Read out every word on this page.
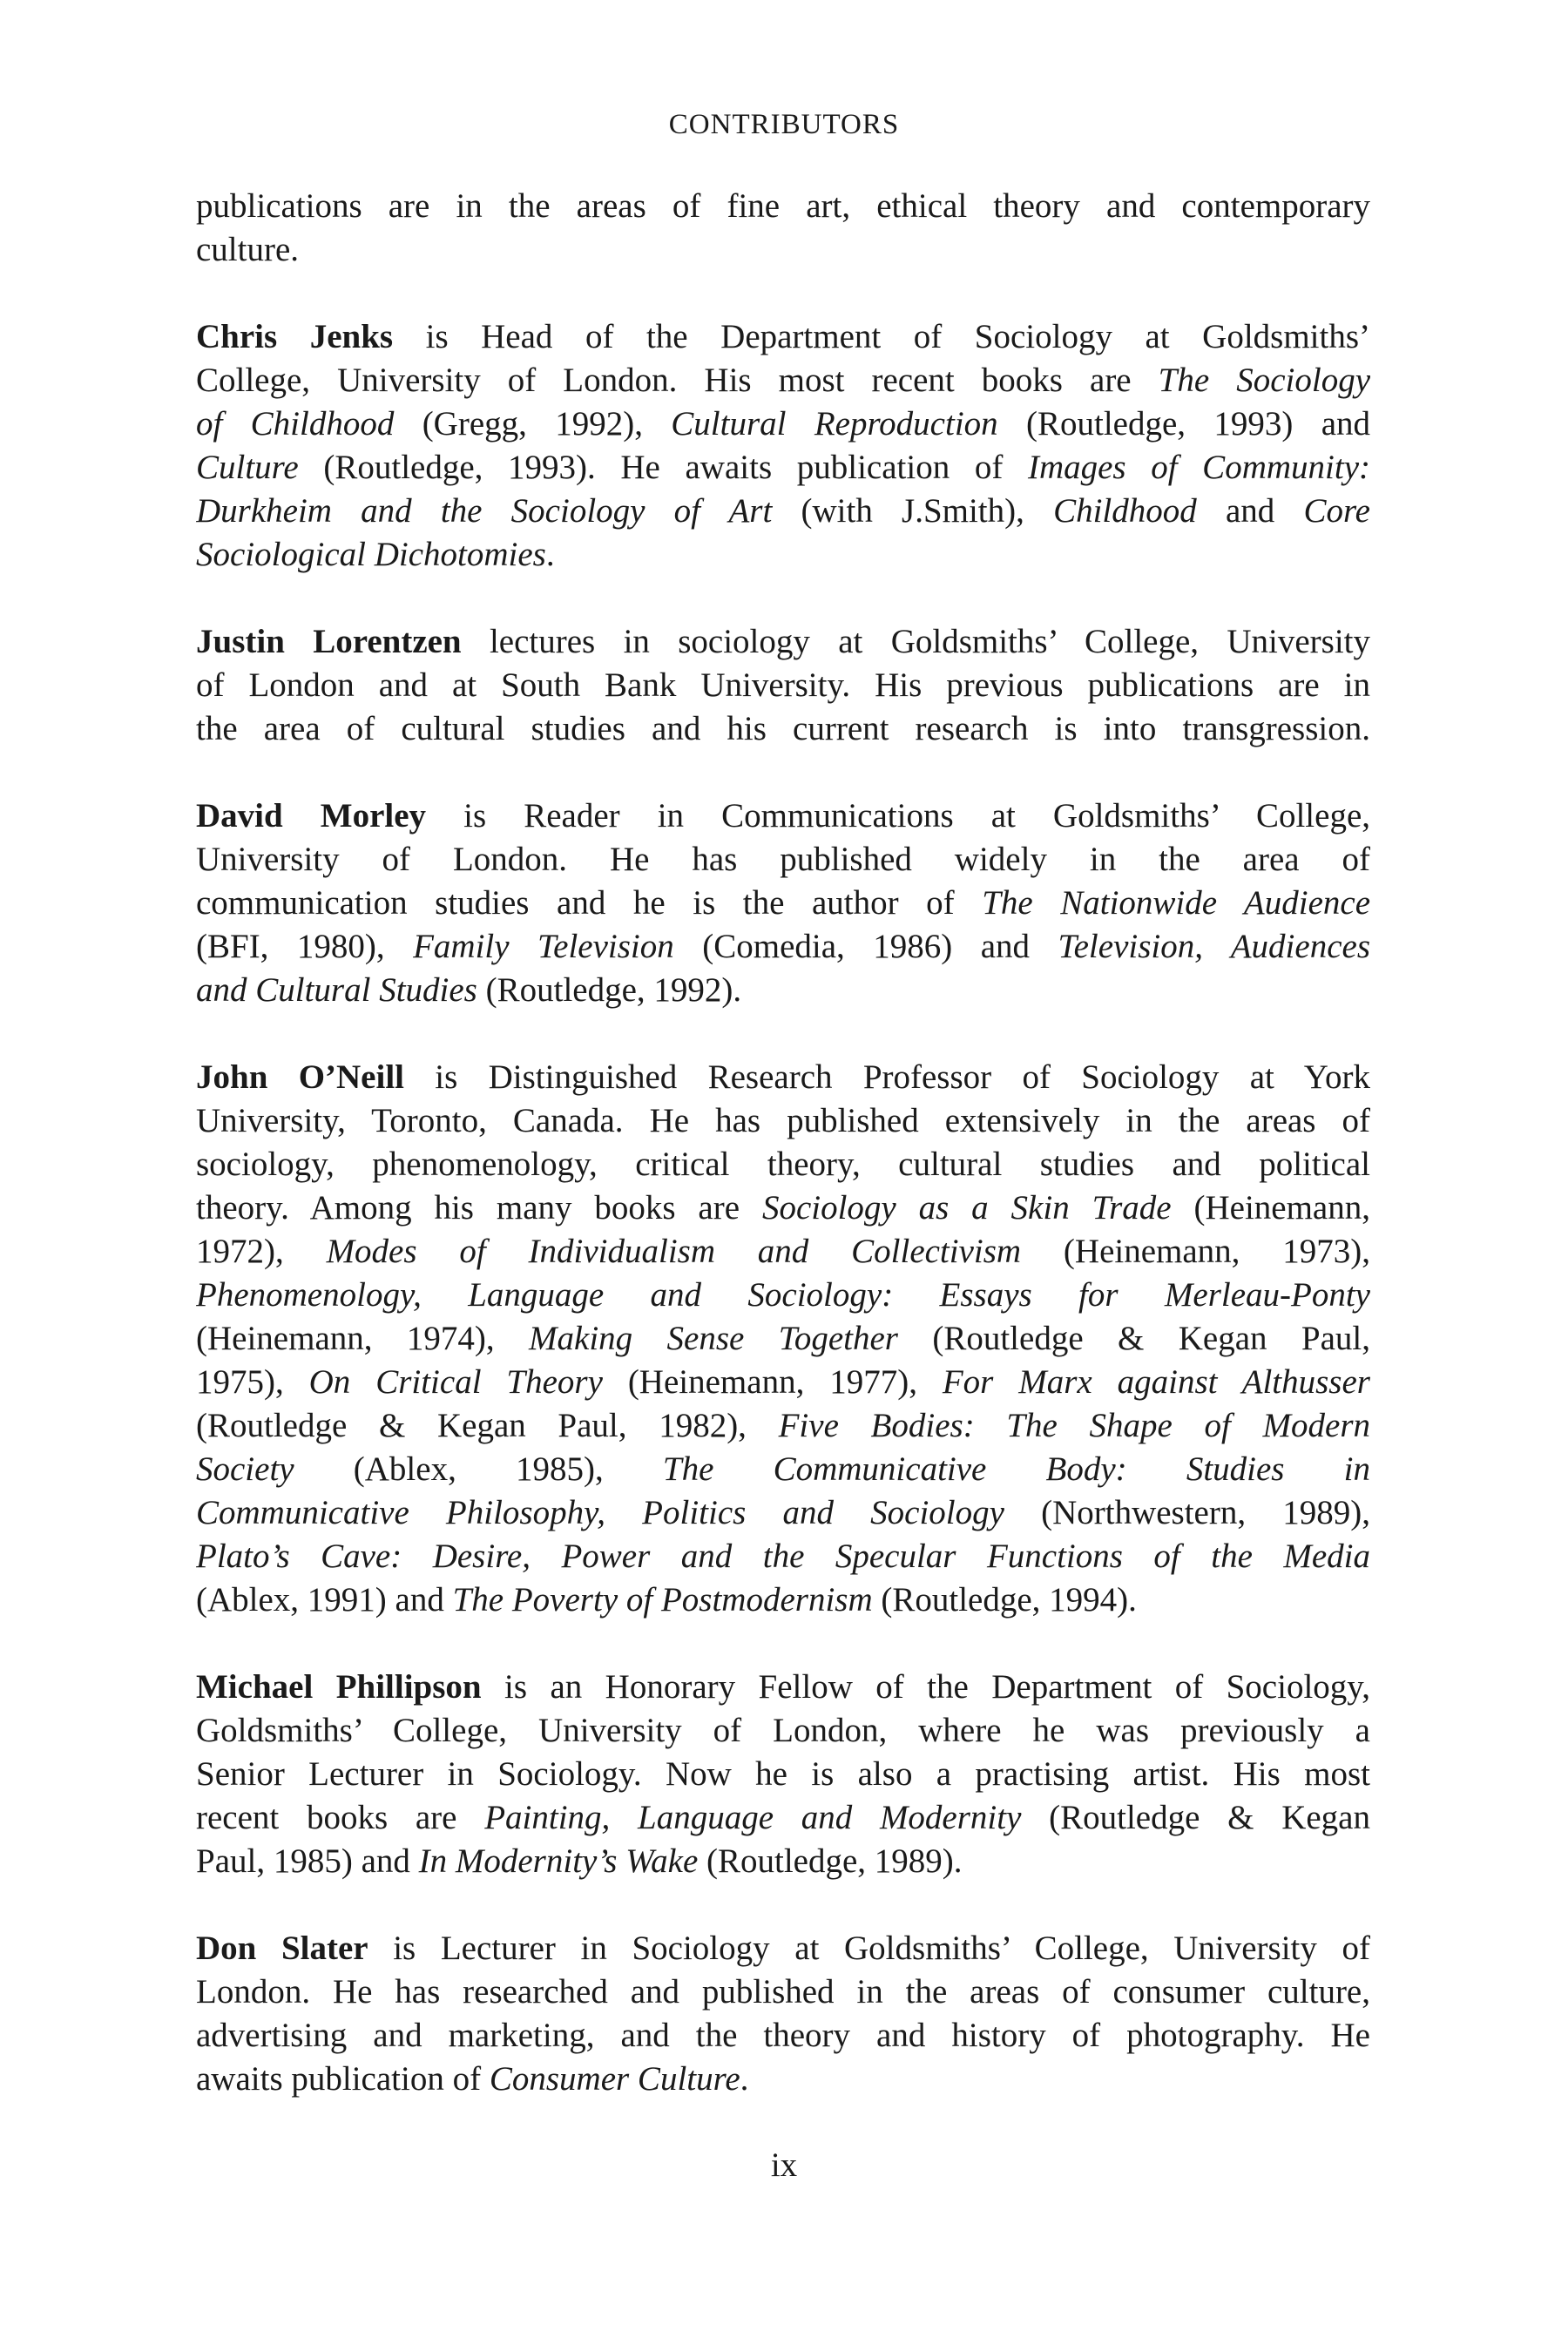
CONTRIBUTORS
publications are in the areas of fine art, ethical theory and contemporary
culture.
Chris Jenks is Head of the Department of Sociology at Goldsmiths’
College, University of London. His most recent books are The Sociology
of Childhood (Gregg, 1992), Cultural Reproduction (Routledge, 1993) and
Culture (Routledge, 1993). He awaits publication of Images of Community:
Durkheim and the Sociology of Art (with J.Smith), Childhood and Core
Sociological Dichotomies.
Justin Lorentzen lectures in sociology at Goldsmiths’ College, University
of London and at South Bank University. His previous publications are in
the area of cultural studies and his current research is into transgression.
David Morley is Reader in Communications at Goldsmiths’ College,
University of London. He has published widely in the area of
communication studies and he is the author of The Nationwide Audience
(BFI, 1980), Family Television (Comedia, 1986) and Television, Audiences
and Cultural Studies (Routledge, 1992).
John O’Neill is Distinguished Research Professor of Sociology at York
University, Toronto, Canada. He has published extensively in the areas of
sociology, phenomenology, critical theory, cultural studies and political
theory. Among his many books are Sociology as a Skin Trade (Heinemann,
1972), Modes of Individualism and Collectivism (Heinemann, 1973),
Phenomenology, Language and Sociology: Essays for Merleau-Ponty
(Heinemann, 1974), Making Sense Together (Routledge & Kegan Paul,
1975), On Critical Theory (Heinemann, 1977), For Marx against Althusser
(Routledge & Kegan Paul, 1982), Five Bodies: The Shape of Modern
Society (Ablex, 1985), The Communicative Body: Studies in
Communicative Philosophy, Politics and Sociology (Northwestern, 1989),
Plato’s Cave: Desire, Power and the Specular Functions of the Media
(Ablex, 1991) and The Poverty of Postmodernism (Routledge, 1994).
Michael Phillipson is an Honorary Fellow of the Department of Sociology,
Goldsmiths’ College, University of London, where he was previously a
Senior Lecturer in Sociology. Now he is also a practising artist. His most
recent books are Painting, Language and Modernity (Routledge & Kegan
Paul, 1985) and In Modernity’s Wake (Routledge, 1989).
Don Slater is Lecturer in Sociology at Goldsmiths’ College, University of
London. He has researched and published in the areas of consumer culture,
advertising and marketing, and the theory and history of photography. He
awaits publication of Consumer Culture.
ix
